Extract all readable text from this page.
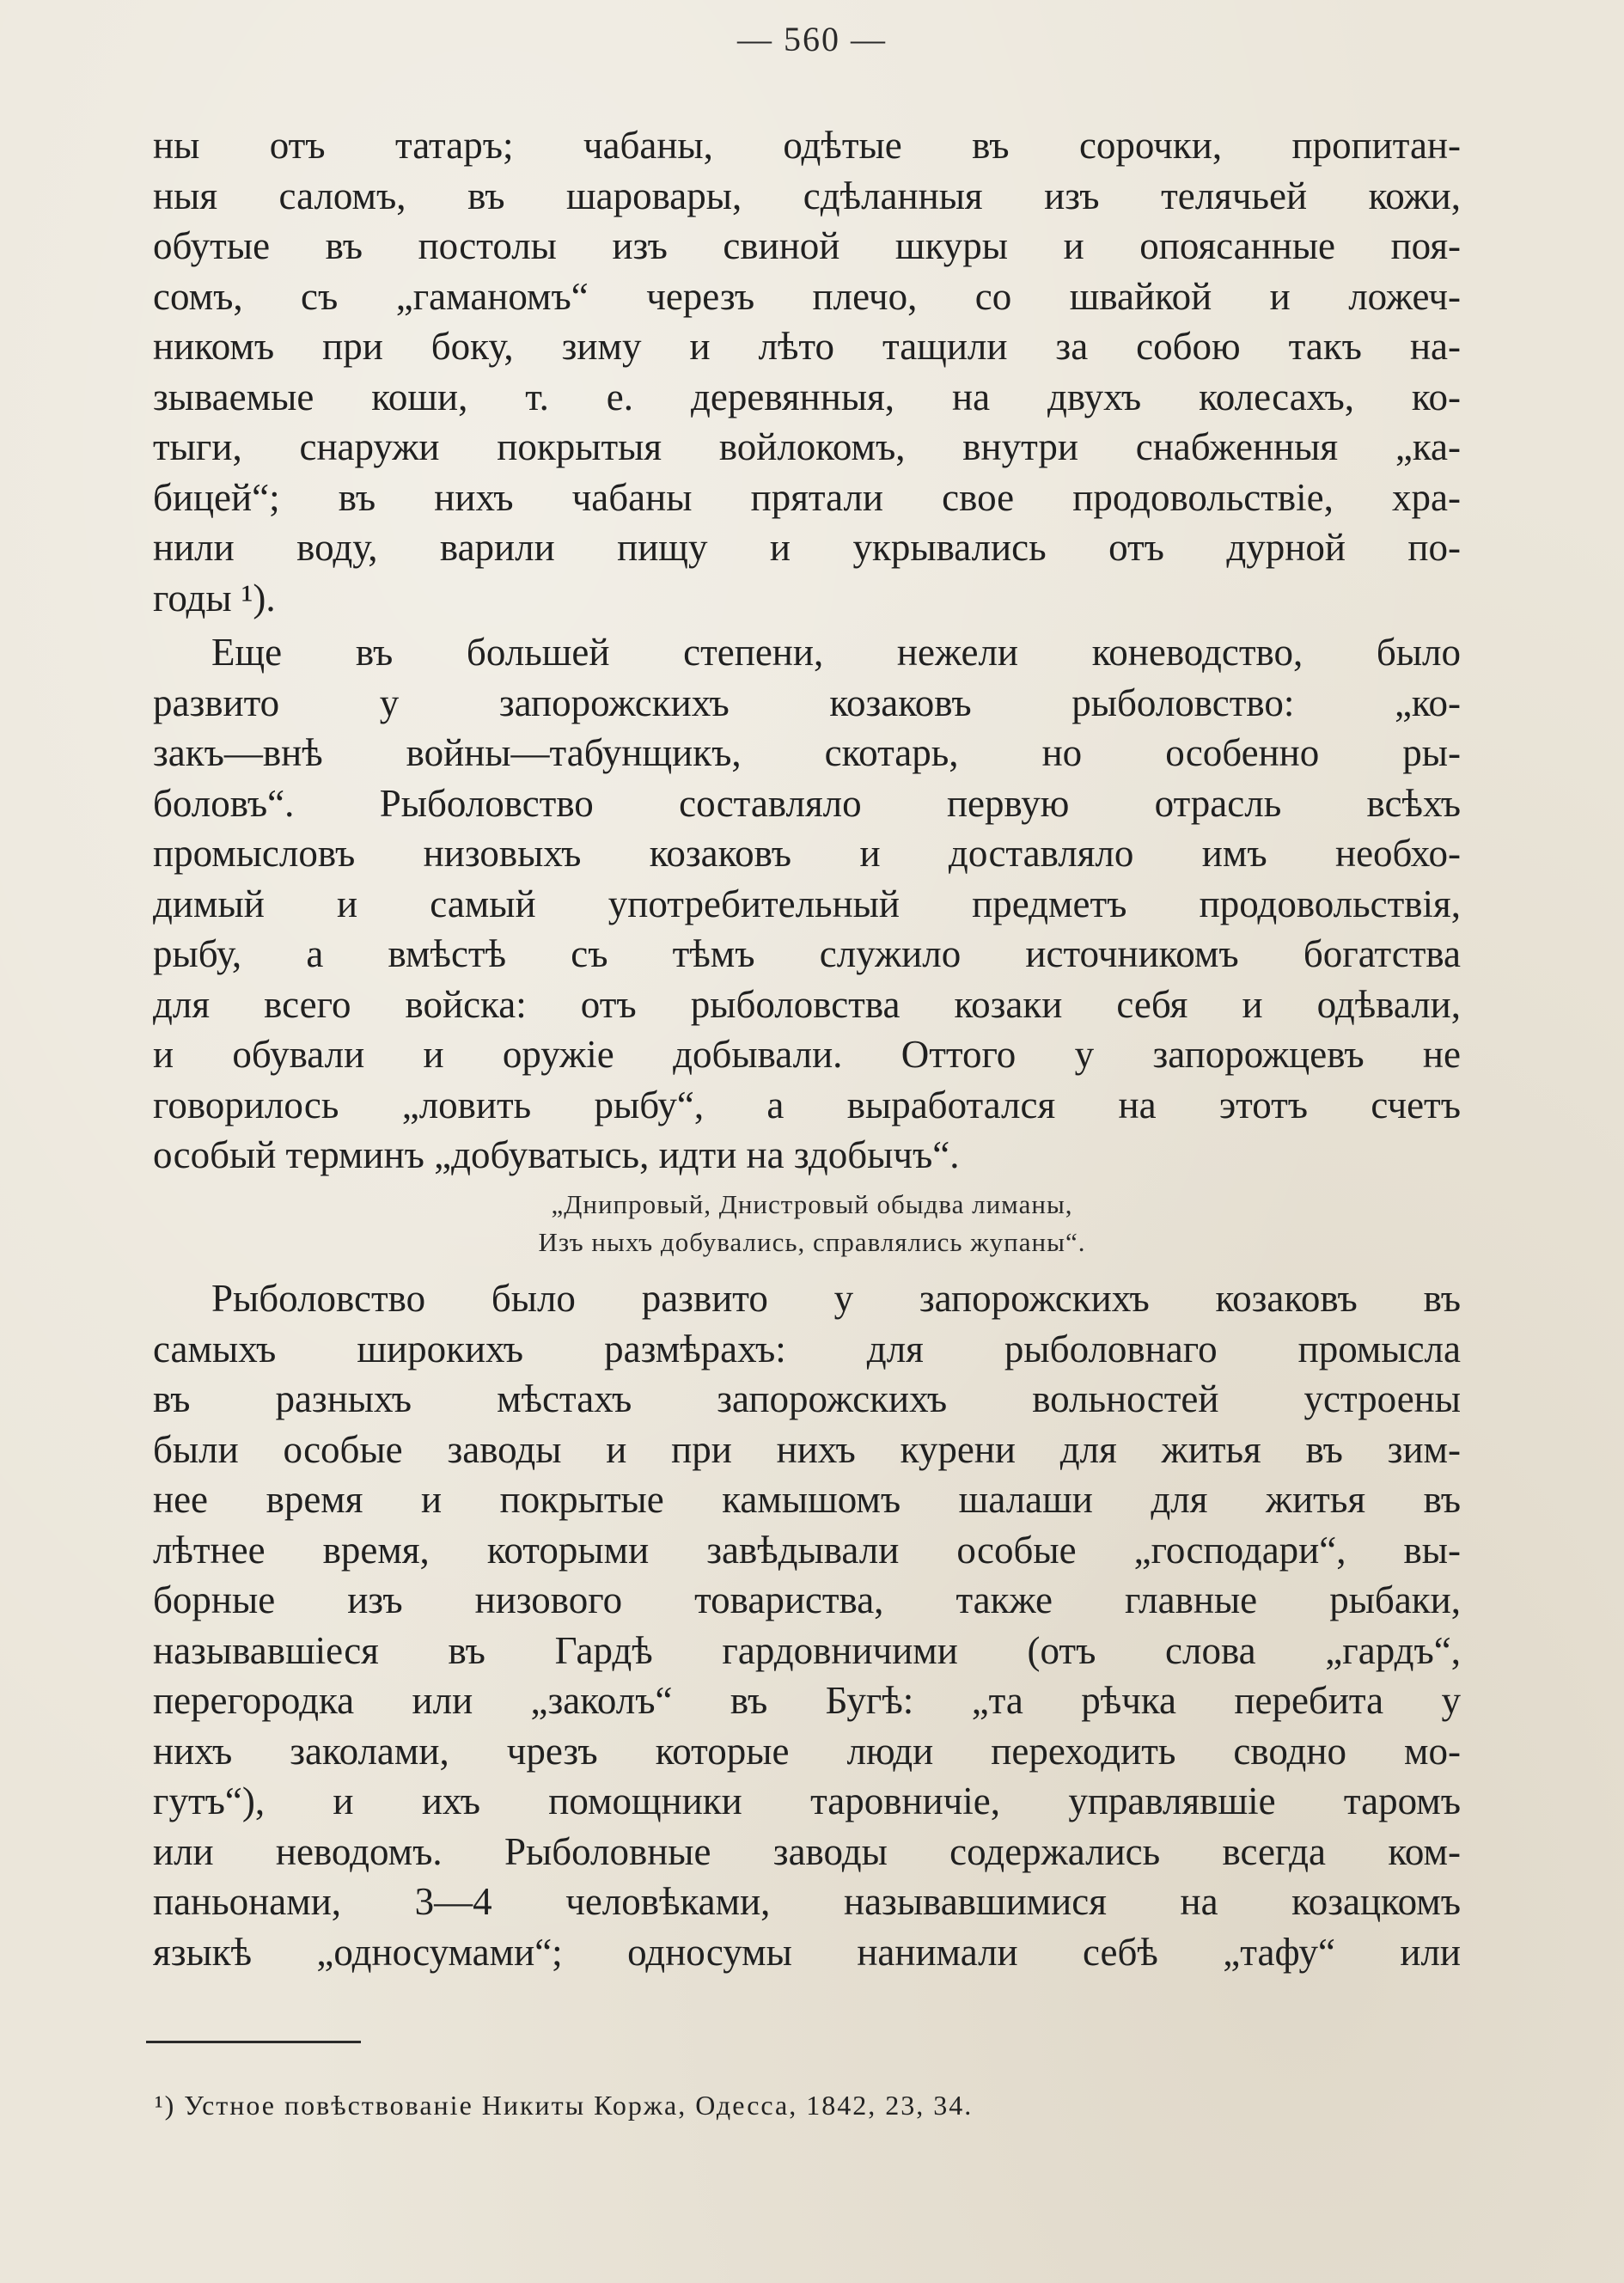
— 560 —
ны отъ татаръ; чабаны, одѣтые въ сорочки, пропитан-
ныя саломъ, въ шаровары, сдѣланныя изъ телячьей кожи,
обутые въ постолы изъ свиной шкуры и опоясанные поя-
сомъ, съ „гаманомъ“ черезъ плечо, со швайкой и ложеч-
никомъ при боку, зиму и лѣто тащили за собою такъ на-
зываемые коши, т. е. деревянныя, на двухъ колесахъ, ко-
тыги, снаружи покрытыя войлокомъ, внутри снабженныя „ка-
бицей“; въ нихъ чабаны прятали свое продовольствіе, хра-
нили воду, варили пищу и укрывались отъ дурной по-
годы ¹).
Еще въ большей степени, нежели коневодство, было
развито у запорожскихъ козаковъ рыболовство: „ко-
закъ—внѣ войны—табунщикъ, скотарь, но особенно ры-
боловъ“. Рыболовство составляло первую отрасль всѣхъ
промысловъ низовыхъ козаковъ и доставляло имъ необхо-
димый и самый употребительный предметъ продовольствія,
рыбу, а вмѣстѣ съ тѣмъ служило источникомъ богатства
для всего войска: отъ рыболовства козаки себя и одѣвали,
и обували и оружіе добывали. Оттого у запорожцевъ не
говорилось „ловить рыбу“, а выработался на этотъ счетъ
особый терминъ „добуватысь, идти на здобычъ“.
„Днипровый, Днистровый обыдва лиманы,
Изъ ныхъ добувались, справлялись жупаны“.
Рыболовство было развито у запорожскихъ козаковъ въ
самыхъ широкихъ размѣрахъ: для рыболовнаго промысла
въ разныхъ мѣстахъ запорожскихъ вольностей устроены
были особые заводы и при нихъ курени для житья въ зим-
нее время и покрытые камышомъ шалаши для житья въ
лѣтнее время, которыми завѣдывали особые „господари“, вы-
борные изъ низового товариства, также главные рыбаки,
называвшіеся въ Гардѣ гардовничими (отъ слова „гардъ“,
перегородка или „заколъ“ въ Бугѣ: „та рѣчка перебита у
нихъ заколами, чрезъ которые люди переходить сводно мо-
гутъ“), и ихъ помощники таровничіе, управлявшіе таромъ
или неводомъ. Рыболовные заводы содержались всегда ком-
паньонами, 3—4 человѣками, называвшимися на козацкомъ
языкѣ „односумами“; односумы нанимали себѣ „тафу“ или
¹) Устное повѣствованіе Никиты Коржа, Одесса, 1842, 23, 34.
